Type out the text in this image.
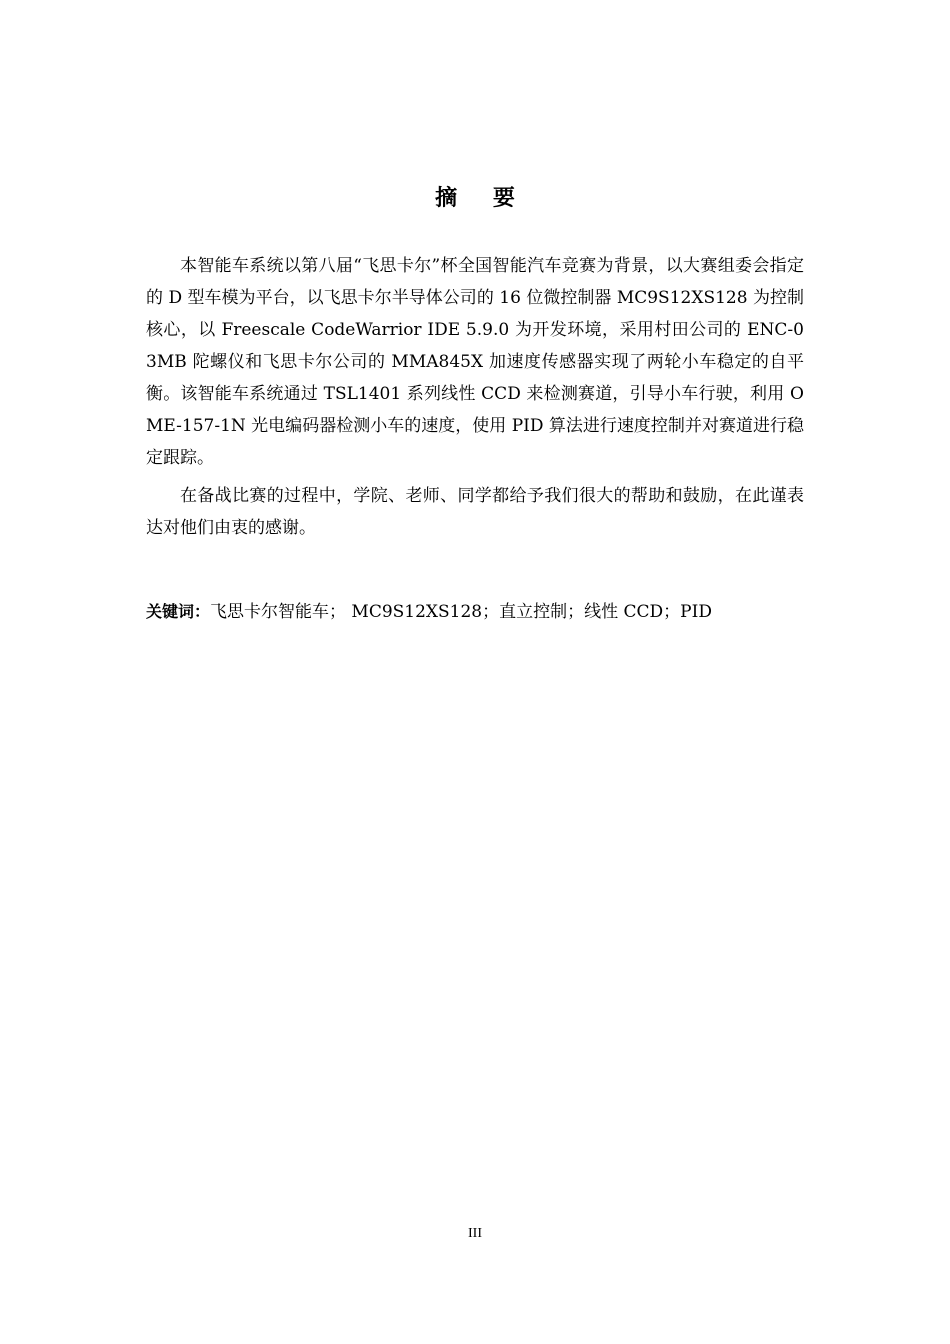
摘 要

本智能车系统以第八届“飞思卡尔”杯全国智能汽车竞赛为背景，以大赛组委会指定的 D 型车模为平台，以飞思卡尔半导体公司的 16 位微控制器 MC9S12XS128 为控制核心，以 Freescale CodeWarrior IDE 5.9.0 为开发环境，采用村田公司的 ENC-03MB 陀螺仪和飞思卡尔公司的 MMA845X 加速度传感器实现了两轮小车稳定的自平衡。该智能车系统通过 TSL1401 系列线性 CCD 来检测赛道，引导小车行驶，利用 OME-157-1N 光电编码器检测小车的速度，使用 PID 算法进行速度控制并对赛道进行稳定跟踪。

在备战比赛的过程中，学院、老师、同学都给予我们很大的帮助和鼓励，在此谨表达对他们由衷的感谢。

关键词：飞思卡尔智能车； MC9S12XS128；直立控制；线性 CCD；PID
III
